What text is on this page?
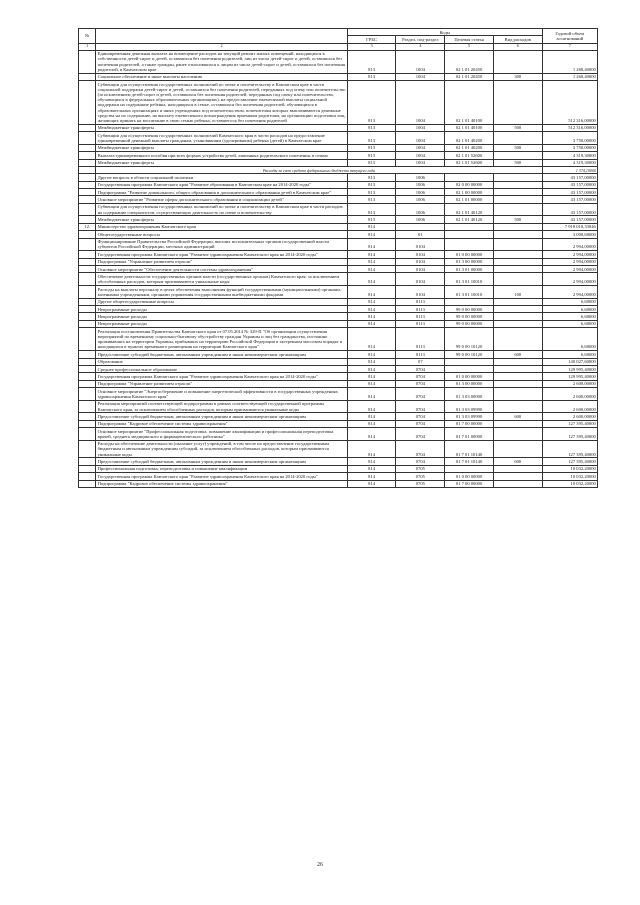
№		Коды				Годовой объем ассигнований
		ГРБС	Раздел, под-раздел	Целевая статья	Вид расходов	
1	2	3	4	5	6	7
	Единовременная денежная выплата на возмещение расходов на текущий ремонт жилых помещений, находящихся в собственности детей-сирот и детей, оставшихся без попечения родителей, лиц из числа детей-сирот и детей, оставшихся без попечения родителей, а также граждан, ранее относившихся к лицам из числа детей-сирот и детей, оставшихся без попечения родителей, в Камчатском крае	813	1004	02 1 01 20450		1 268,40000
	Социальное обеспечение и иные выплаты населению	813	1004	02 1 01 20450	300	1 268,40000
	Субвенции для осуществления государственных полномочий по опеке и попечительству в Камчатском крае в части социальной поддержки детей-сирот и детей, оставшихся без попечения родителей, переданных под опеку или попечительство (за исключением детей-сирот и детей, оставшихся без попечения родителей, переданных под опеку или попечительство, обучающихся в федеральных образовательных организациях), на предоставление ежемесячной выплаты социальной поддержки на содержание ребенка, находящихся в семье, оставшихся без попечения родителей, обучающихся в образовательных организациях и иных учреждениях под попечительством, попечителям которых выплачиваются денежные средства на их содержание, на выплату ежемесячного вознаграждения приемным родителям, на организацию подготовки лиц, желающих принять на воспитание в свою семью ребенка, оставшегося без попечения родителей	813	1004	02 1 01 40100		512 316,00000
	Межбюджетные трансферты	813	1004	02 1 01 40100	500	512 316,00000
	Субвенции для осуществления государственных полномочий Камчатского края в части расходов на предоставление единовременной денежной выплаты гражданам, усыновившим (удочерившим) ребенка (детей) в Камчатском крае	813	1004	02 1 01 40200		3 750,00000
	Межбюджетные трансферты	813	1004	02 1 01 40200	500	3 750,00000
	Выплата единовременного пособия при всех формах устройства детей, лишенных родительского попечения, в семью	813	1004	02 1 01 52600		4 319,30000
	Межбюджетные трансферты	813	1004	02 1 01 52600	500	4 319,30000
	Расходы за счет средств федерального бюджета текущего года					1 374,10000
	Другие вопросы в области социальной политики	813	1006			43 157,00000
	Государственная программа Камчатского края "Развитие образования в Камчатском крае на 2014-2020 годы"	813	1006	02 0 00 00000		43 157,00000
	Подпрограмма "Развитие дошкольного, общего образования и дополнительного образования детей в Камчатском крае"	813	1006	02 1 00 00000		43 157,00000
	Основное мероприятие "Развитие сферы дополнительного образования и социализации детей"	813	1006	02 1 01 00000		43 157,00000
	Субвенции для осуществления государственных полномочий по опеке и попечительству в Камчатском крае в части расходов на содержание специалистов, осуществляющих деятельность по опеке и попечительству	813	1006	02 1 01 40120		43 157,00000
	Межбюджетные трансферты	813	1006	02 1 01 40120	500	43 157,00000
12.	Министерство здравоохранения Камчатского края	814				7 918 010,33046
	Общегосударственные вопросы	814	01			3 000,68000
	Функционирование Правительства Российской Федерации, высших исполнительных органов государственной власти субъектов Российской Федерации, местных администраций	814	0104			2 994,00000
	Государственная программа Камчатского края "Развитие здравоохранения Камчатского края на 2014-2020 годы"	814	0104	01 0 00 00000		2 994,00000
	Подпрограмма "Управление развитием отрасли"	814	0104	01 3 00 00000		2 994,00000
	Основное мероприятие "Обеспечение деятельности системы здравоохранения"	814	0104	01 3 01 00000		2 994,00000
	Обеспечение деятельности государственных органов власти (государственных органов) Камчатского края, за исключением обособленных расходов, которым присваиваются уникальные коды	814	0104	01 3 01 10010		2 994,00000
	Расходы на выплаты персоналу в целях обеспечения выполнения функций государственными (муниципальными) органами, казенными учреждениями, органами управления государственными внебюджетными фондами	814	0104	01 3 01 10010	100	2 994,00000
	Другие общегосударственные вопросы	814	0113			6,68000
	Непрограммные расходы	814	0113	99 0 00 00000		6,68000
	Непрограммные расходы	814	0113	99 0 00 00000		6,68000
	Непрограммные расходы	814	0113	99 0 00 00000		6,68000
	Реализация постановления Правительства Камчатского края от 07.05.2014 № 329-П "Об организации осуществления мероприятий по временному социально-бытовому обустройству граждан Украины и лиц без гражданства, постоянно проживавших на территории Украины, прибывших на территорию Российской Федерации в экстренном массовом порядке и находящихся в пунктах временного размещения на территории Камчатского края"	814	0113	99 0 00 10120		6,68000
	Предоставление субсидий бюджетным, автономным учреждениям и иным некоммерческим организациям	814	0113	99 0 00 10120	600	6,68000
	Образование	814	07			140 027,60000
	Среднее профессиональное образование	814	0704			129 995,40000
	Государственная программа Камчатского края "Развитие здравоохранения Камчатского края на 2014-2020 годы"	814	0704	01 0 00 00000		129 995,40000
	Подпрограмма "Управление развитием отрасли"	814	0704	01 3 00 00000		2 600,00000
	Основное мероприятие "Энергосбережение и повышение энергетической эффективности в государственных учреждениях здравоохранения Камчатского края"	814	0704	01 3 03 00000		2 600,00000
	Реализация мероприятий соответствующей подпрограммы в рамках соответствующей государственной программы Камчатского края, за исключением обособленных расходов, которым присваиваются уникальные коды	814	0704	01 3 03 09990		2 600,00000
	Предоставление субсидий бюджетным, автономным учреждениям и иным некоммерческим организациям	814	0704	01 3 03 09990	600	2 600,00000
	Подпрограмма "Кадровое обеспечение системы здравоохранения"	814	0704	01 7 00 00000		127 395,40000
	Основное мероприятие "Профессиональная подготовка, повышение квалификации и профессиональная переподготовка врачей, среднего медицинского и фармацевтического работника"	814	0704	01 7 01 00000		127 395,40000
	Расходы на обеспечение деятельности (оказание услуг) учреждений, в том числе на предоставление государственным бюджетным и автономным учреждениям субсидий, за исключением обособленных расходов, которым присваиваются уникальные коды	814	0704	01 7 01 10140		127 395,40000
	Предоставление субсидий бюджетным, автономным учреждениям и иным некоммерческим организациям	814	0704	01 7 01 10140	600	127 395,40000
	Профессиональная подготовка, переподготовка и повышение квалификации	814	0705			10 032,20000
	Государственная программа Камчатского края "Развитие здравоохранения Камчатского края на 2014-2020 годы"	814	0705	01 0 00 00000		10 032,20000
	Подпрограмма "Кадровое обеспечение системы здравоохранения"	814	0705	01 7 00 00000		10 032,20000
26
